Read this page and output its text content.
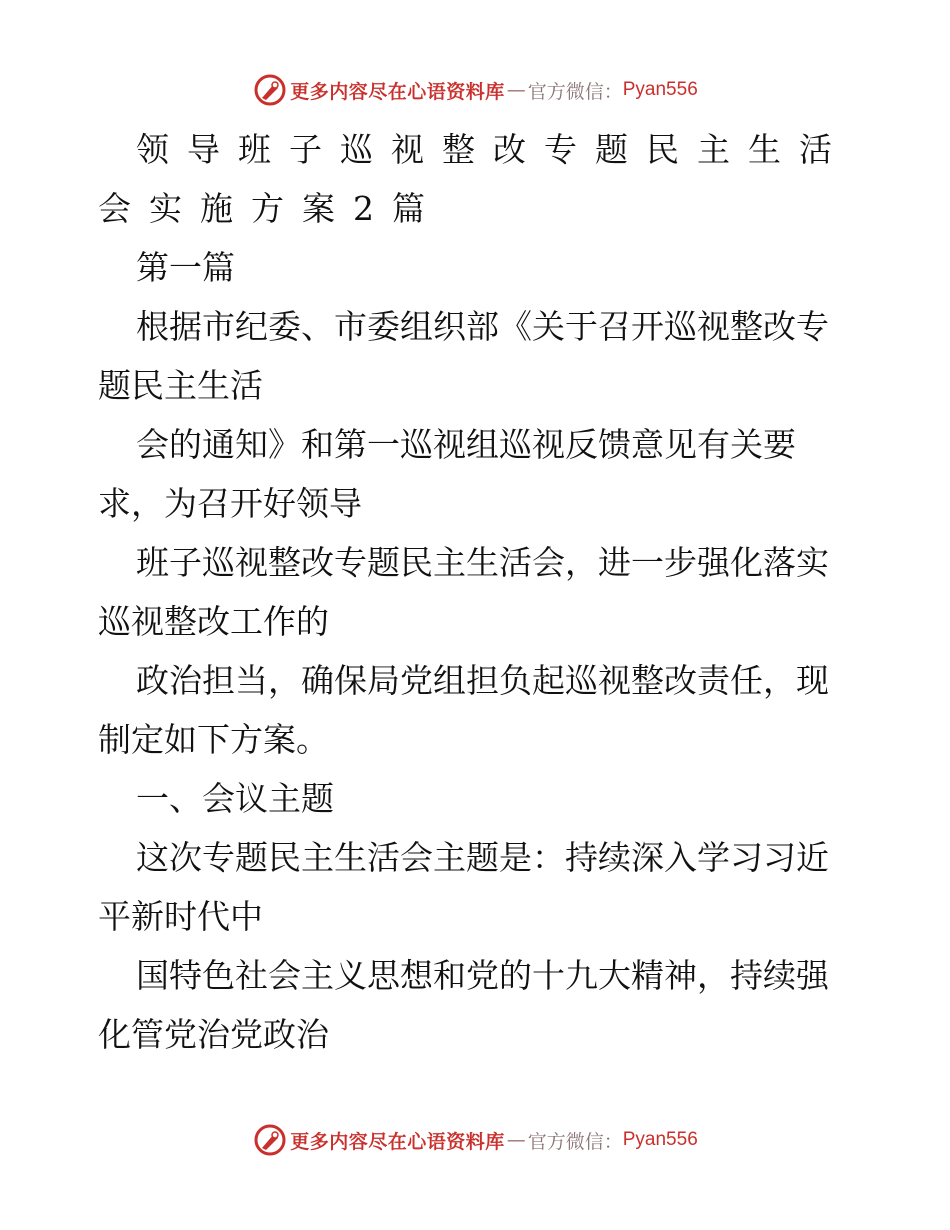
更多内容尽在心语资料库 — 官方微信： Pyan556
领导班子巡视整改专题民主生活
会实施方案2篇
第一篇
根据市纪委、市委组织部《关于召开巡视整改专
题民主生活
会的通知》和第一巡视组巡视反馈意见有关要
求，为召开好领导
班子巡视整改专题民主生活会，进一步强化落实
巡视整改工作的
政治担当，确保局党组担负起巡视整改责任，现
制定如下方案。
一、会议主题
这次专题民主生活会主题是：持续深入学习习近
平新时代中
国特色社会主义思想和党的十九大精神，持续强
化管党治党政治
更多内容尽在心语资料库 — 官方微信： Pyan556
